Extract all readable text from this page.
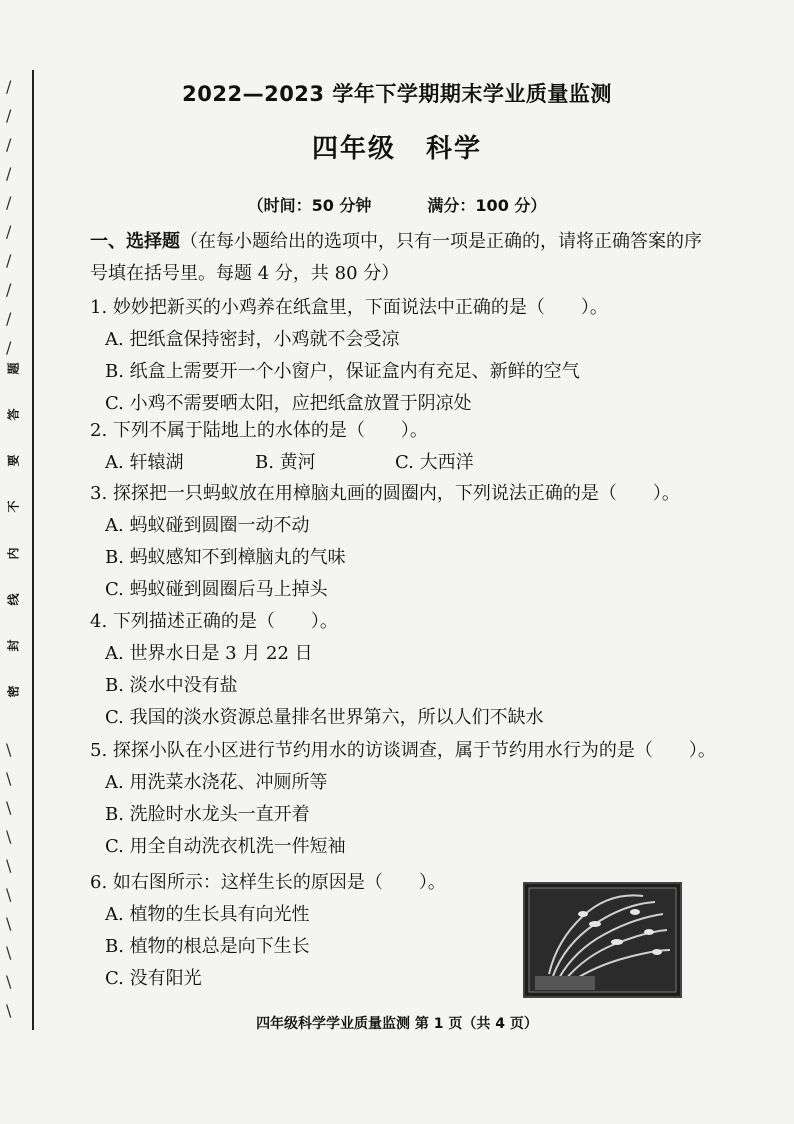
/
/
/
/
/
/
/
/
/
/
题
答
要
不
内
线
封
密
\
\
\
\
\
\
\
\
\
\
2022—2023 学年下学期期末学业质量监测
四年级 科学
（时间：50 分钟	满分：100 分）
一、选择题（在每小题给出的选项中，只有一项是正确的，请将正确答案的序
号填在括号里。每题 4 分，共 80 分）
1. 妙妙把新买的小鸡养在纸盒里，下面说法中正确的是（　　）。
A. 把纸盒保持密封，小鸡就不会受凉
B. 纸盒上需要开一个小窗户，保证盒内有充足、新鲜的空气
C. 小鸡不需要晒太阳，应把纸盒放置于阴凉处
2. 下列不属于陆地上的水体的是（　　）。
A. 轩辕湖	B. 黄河	C. 大西洋
3. 探探把一只蚂蚁放在用樟脑丸画的圆圈内，下列说法正确的是（　　）。
A. 蚂蚁碰到圆圈一动不动
B. 蚂蚁感知不到樟脑丸的气味
C. 蚂蚁碰到圆圈后马上掉头
4. 下列描述正确的是（　　）。
A. 世界水日是 3 月 22 日
B. 淡水中没有盐
C. 我国的淡水资源总量排名世界第六，所以人们不缺水
5. 探探小队在小区进行节约用水的访谈调查，属于节约用水行为的是（　　）。
A. 用洗菜水浇花、冲厕所等
B. 洗脸时水龙头一直开着
C. 用全自动洗衣机洗一件短袖
6. 如右图所示：这样生长的原因是（　　）。
A. 植物的生长具有向光性
B. 植物的根总是向下生长
C. 没有阳光
四年级科学学业质量监测 第 1 页（共 4 页）
